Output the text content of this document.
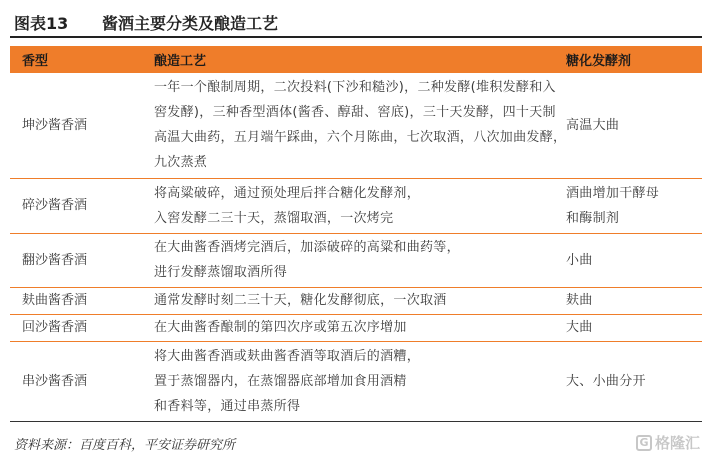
图表13 酱酒主要分类及酿造工艺
香型	酿造工艺	糖化发酵剂
坤沙酱香酒	一年一个酿制周期，二次投料(下沙和糙沙)，二种发酵(堆积发酵和入
窖发酵)，三种香型酒体(酱香、醇甜、窖底)，三十天发酵，四十天制
高温大曲药，五月端午踩曲，六个月陈曲，七次取酒，八次加曲发酵，
九次蒸煮	高温大曲

碎沙酱香酒	将高粱破碎，通过预处理后拌合糖化发酵剂，
入窖发酵二三十天，蒸馏取酒，一次烤完	酒曲增加干酵母
和酶制剂

翻沙酱香酒	在大曲酱香酒烤完酒后，加添破碎的高粱和曲药等，
进行发酵蒸馏取酒所得	小曲

麸曲酱香酒	通常发酵时刻二三十天，糖化发酵彻底，一次取酒	麸曲

回沙酱香酒	在大曲酱香酿制的第四次序或第五次序增加	大曲

串沙酱香酒	将大曲酱香酒或麸曲酱香酒等取酒后的酒糟，
置于蒸馏器内，在蒸馏器底部增加食用酒精
和香料等，通过串蒸所得	大、小曲分开
资料来源：百度百科，平安证券研究所	G 格隆汇
